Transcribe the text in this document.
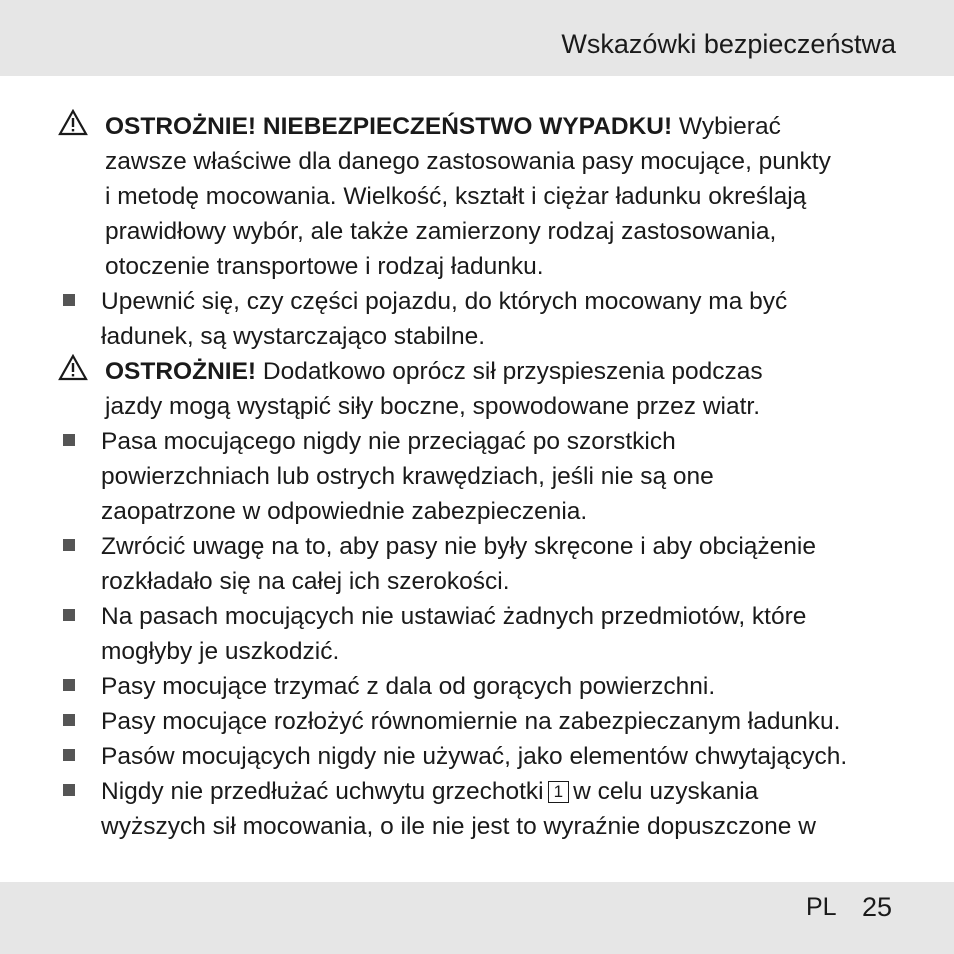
Wskazówki bezpieczeństwa
OSTROŻNIE! NIEBEZPIECZEŃSTWO WYPADKU! Wybierać
zawsze właściwe dla danego zastosowania pasy mocujące, punkty
i metodę mocowania. Wielkość, kształt i ciężar ładunku określają
prawidłowy wybór, ale także zamierzony rodzaj zastosowania,
otoczenie transportowe i rodzaj ładunku.
Upewnić się, czy części pojazdu, do których mocowany ma być
ładunek, są wystarczająco stabilne.
OSTROŻNIE! Dodatkowo oprócz sił przyspieszenia podczas
jazdy mogą wystąpić siły boczne, spowodowane przez wiatr.
Pasa mocującego nigdy nie przeciągać po szorstkich
powierzchniach lub ostrych krawędziach, jeśli nie są one
zaopatrzone w odpowiednie zabezpieczenia.
Zwrócić uwagę na to, aby pasy nie były skręcone i aby obciążenie
rozkładało się na całej ich szerokości.
Na pasach mocujących nie ustawiać żadnych przedmiotów, które
mogłyby je uszkodzić.
Pasy mocujące trzymać z dala od gorących powierzchni.
Pasy mocujące rozłożyć równomiernie na zabezpieczanym ładunku.
Pasów mocujących nigdy nie używać, jako elementów chwytających.
Nigdy nie przedłużać uchwytu grzechotki 1 w celu uzyskania
wyższych sił mocowania, o ile nie jest to wyraźnie dopuszczone w
PL 25
